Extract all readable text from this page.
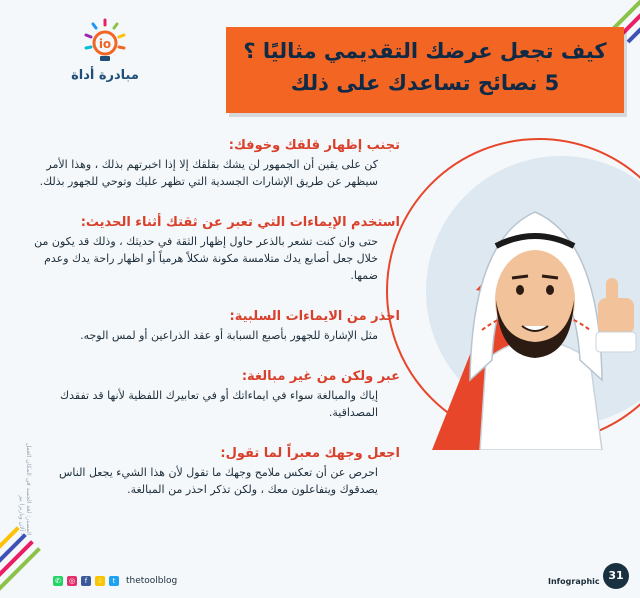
io
مبادرة أداة
كيف تجعل عرضك التقديمي مثاليًا ؟
5 نصائح تساعدك على ذلك
تجنب إظهار قلقك وخوفك:
كن على يقين أن الجمهور لن يشك بقلقك إلا إذا اخبرتهم بذلك ، وهذا الأمر سيظهر عن طريق الإشارات الجسدية التي تظهر عليك وتوحي للجهور بذلك.
استخدم الإيماءات التي تعبر عن ثقتك أثناء الحديث:
حتى وان كنت تشعر بالذعر حاول إظهار الثقة في حديثك ، وذلك قد يكون من خلال جعل أصابع يدك متلامسة مكونة شكلاً هرمياً أو اظهار راحة يدك وعدم ضمها.
احذر من الايماءات السلبية:
مثل الإشارة للجهور بأصبع السبابة أو عقد الذراعين أو لمس الوجه.
عبر ولكن من غير مبالغة:
إياك والمبالغة سواء في ايماءاتك أو في تعابيرك اللفظية لأنها قد تفقدك المصداقية.
اجعل وجهك معبراً لما تقول:
احرص عن أن تعكس ملامح وجهك ما تقول لأن هذا الشيء يجعل الناس يصدقوك ويتفاعلون معك ، ولكن تذكر احذر من المبالغة.
المصدر: لغة الجسد في المكان العمل - آلان وباربرا بيز
✆ ◎	f	♤	t	thetoolblog	Infographic 31
